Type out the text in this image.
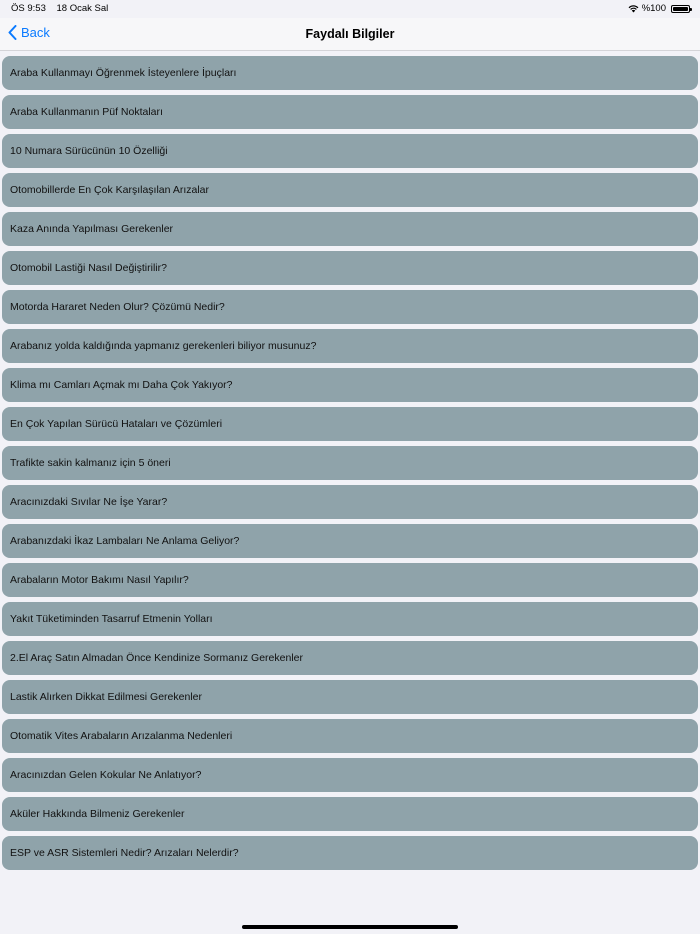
ÖS 9:53 18 Ocak Sal	%100
Back	Faydalı Bilgiler
Araba Kullanmayı Öğrenmek İsteyenlere İpuçları
Araba Kullanmanın Püf Noktaları
10 Numara Sürücünün 10 Özelliği
Otomobillerde En Çok Karşılaşılan Arızalar
Kaza Anında Yapılması Gerekenler
Otomobil Lastiği Nasıl Değiştirilir?
Motorda Hararet Neden Olur? Çözümü Nedir?
Arabanız yolda kaldığında yapmanız gerekenleri biliyor musunuz?
Klima mı Camları Açmak mı Daha Çok Yakıyor?
En Çok Yapılan Sürücü Hataları ve Çözümleri
Trafikte sakin kalmanız için 5 öneri
Aracınızdaki Sıvılar Ne İşe Yarar?
Arabanızdaki İkaz Lambaları Ne Anlama Geliyor?
Arabaların Motor Bakımı Nasıl Yapılır?
Yakıt Tüketiminden Tasarruf Etmenin Yolları
2.El Araç Satın Almadan Önce Kendinize Sormanız Gerekenler
Lastik Alırken Dikkat Edilmesi Gerekenler
Otomatik Vites Arabaların Arızalanma Nedenleri
Aracınızdan Gelen Kokular Ne Anlatıyor?
Aküler Hakkında Bilmeniz Gerekenler
ESP ve ASR Sistemleri Nedir? Arızaları Nelerdir?
